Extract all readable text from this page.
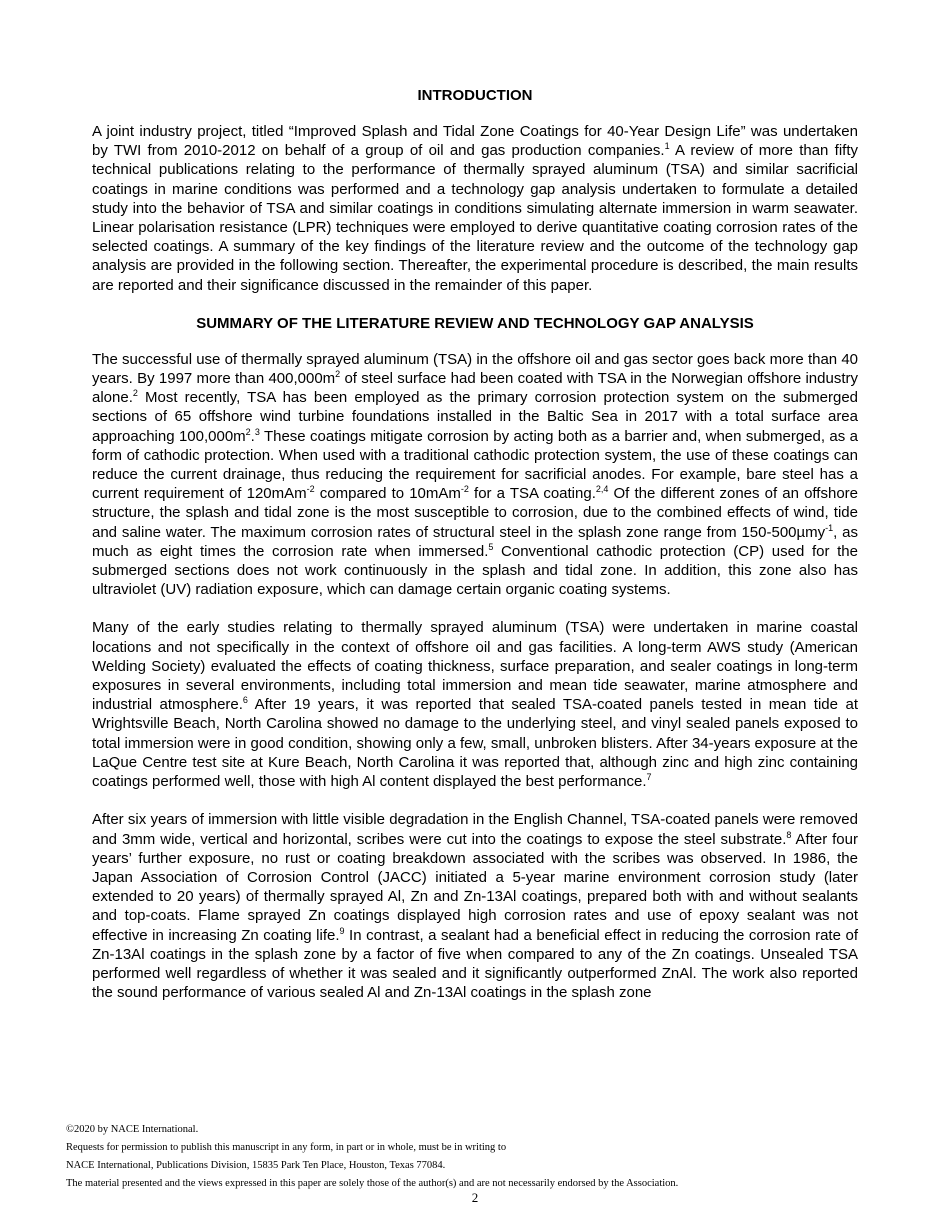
INTRODUCTION

A joint industry project, titled “Improved Splash and Tidal Zone Coatings for 40-Year Design Life” was undertaken by TWI from 2010-2012 on behalf of a group of oil and gas production companies.$^1$ A review of more than fifty technical publications relating to the performance of thermally sprayed aluminum (TSA) and similar sacrificial coatings in marine conditions was performed and a technology gap analysis undertaken to formulate a detailed study into the behavior of TSA and similar coatings in conditions simulating alternate immersion in warm seawater. Linear polarisation resistance (LPR) techniques were employed to derive quantitative coating corrosion rates of the selected coatings. A summary of the key findings of the literature review and the outcome of the technology gap analysis are provided in the following section. Thereafter, the experimental procedure is described, the main results are reported and their significance discussed in the remainder of this paper.

SUMMARY OF THE LITERATURE REVIEW AND TECHNOLOGY GAP ANALYSIS

The successful use of thermally sprayed aluminum (TSA) in the offshore oil and gas sector goes back more than 40 years. By 1997 more than $400,000m^2$ of steel surface had been coated with TSA in the Norwegian offshore industry alone.$^2$ Most recently, TSA has been employed as the primary corrosion protection system on the submerged sections of 65 offshore wind turbine foundations installed in the Baltic Sea in 2017 with a total surface area approaching $100,000m^2.^3$ These coatings mitigate corrosion by acting both as a barrier and, when submerged, as a form of cathodic protection. When used with a traditional cathodic protection system, the use of these coatings can reduce the current drainage, thus reducing the requirement for sacrificial anodes. For example, bare steel has a current requirement of 120mAm$^{-2}$ compared to 10mAm$^{-2}$ for a TSA coating.$^{2,4}$ Of the different zones of an offshore structure, the splash and tidal zone is the most susceptible to corrosion, due to the combined effects of wind, tide and saline water. The maximum corrosion rates of structural steel in the splash zone range from 150-500µmy$^{-1}$, as much as eight times the corrosion rate when immersed.$^5$ Conventional cathodic protection (CP) used for the submerged sections does not work continuously in the splash and tidal zone. In addition, this zone also has ultraviolet (UV) radiation exposure, which can damage certain organic coating systems.

Many of the early studies relating to thermally sprayed aluminum (TSA) were undertaken in marine coastal locations and not specifically in the context of offshore oil and gas facilities. A long-term AWS study (American Welding Society) evaluated the effects of coating thickness, surface preparation, and sealer coatings in long-term exposures in several environments, including total immersion and mean tide seawater, marine atmosphere and industrial atmosphere.$^6$ After 19 years, it was reported that sealed TSA-coated panels tested in mean tide at Wrightsville Beach, North Carolina showed no damage to the underlying steel, and vinyl sealed panels exposed to total immersion were in good condition, showing only a few, small, unbroken blisters. After 34-years exposure at the LaQue Centre test site at Kure Beach, North Carolina it was reported that, although zinc and high zinc containing coatings performed well, those with high Al content displayed the best performance.$^7$

After six years of immersion with little visible degradation in the English Channel, TSA-coated panels were removed and 3mm wide, vertical and horizontal, scribes were cut into the coatings to expose the steel substrate.$^8$ After four years’ further exposure, no rust or coating breakdown associated with the scribes was observed. In 1986, the Japan Association of Corrosion Control (JACC) initiated a 5-year marine environment corrosion study (later extended to 20 years) of thermally sprayed Al, Zn and Zn-13Al coatings, prepared both with and without sealants and top-coats. Flame sprayed Zn coatings displayed high corrosion rates and use of epoxy sealant was not effective in increasing Zn coating life.$^9$ In contrast, a sealant had a beneficial effect in reducing the corrosion rate of Zn-13Al coatings in the splash zone by a factor of five when compared to any of the Zn coatings. Unsealed TSA performed well regardless of whether it was sealed and it significantly outperformed ZnAl. The work also reported the sound performance of various sealed Al and Zn-13Al coatings in the splash zone

©2020 by NACE International.
Requests for permission to publish this manuscript in any form, in part or in whole, must be in writing to
NACE International, Publications Division, 15835 Park Ten Place, Houston, Texas 77084.
The material presented and the views expressed in this paper are solely those of the author(s) and are not necessarily endorsed by the Association.
2
